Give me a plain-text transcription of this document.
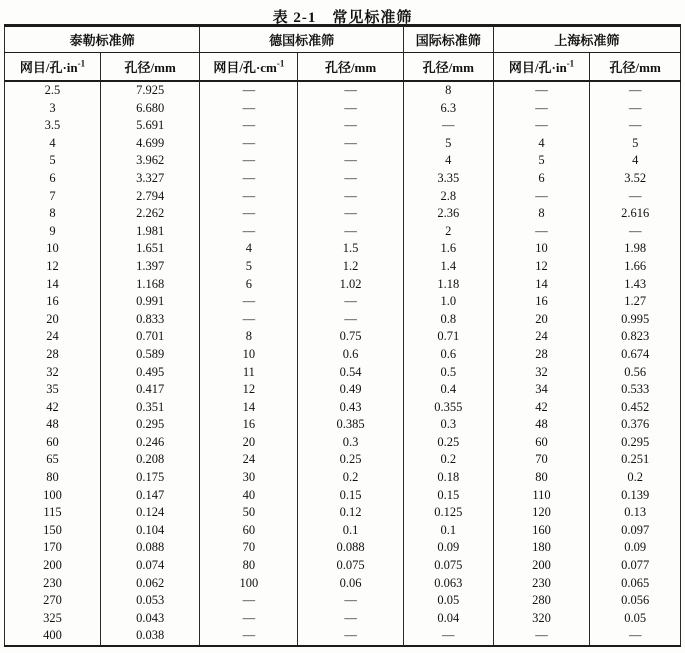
表 2-1　常见标准筛
泰勒标准筛		德国标准筛		国际标准筛	上海标准筛	
网目/孔$\cdot in^{-1}$	孔径/mm	网目/孔$\cdot cm^{-1}$	孔径/mm	孔径/mm	网目/孔$\cdot in^{-1}$	孔径/mm
2.5	7.925	—	—	8	—	—
3	6.680	—	—	6.3	—	—
3.5	5.691	—	—	—	—	—
4	4.699	—	—	5	4	5
5	3.962	—	—	4	5	4
6	3.327	—	—	3.35	6	3.52
7	2.794	—	—	2.8	—	—
8	2.262	—	—	2.36	8	2.616
9	1.981	—	—	2	—	—
10	1.651	4	1.5	1.6	10	1.98
12	1.397	5	1.2	1.4	12	1.66
14	1.168	6	1.02	1.18	14	1.43
16	0.991	—	—	1.0	16	1.27
20	0.833	—	—	0.8	20	0.995
24	0.701	8	0.75	0.71	24	0.823
28	0.589	10	0.6	0.6	28	0.674
32	0.495	11	0.54	0.5	32	0.56
35	0.417	12	0.49	0.4	34	0.533
42	0.351	14	0.43	0.355	42	0.452
48	0.295	16	0.385	0.3	48	0.376
60	0.246	20	0.3	0.25	60	0.295
65	0.208	24	0.25	0.2	70	0.251
80	0.175	30	0.2	0.18	80	0.2
100	0.147	40	0.15	0.15	110	0.139
115	0.124	50	0.12	0.125	120	0.13
150	0.104	60	0.1	0.1	160	0.097
170	0.088	70	0.088	0.09	180	0.09
200	0.074	80	0.075	0.075	200	0.077
230	0.062	100	0.06	0.063	230	0.065
270	0.053	—	—	0.05	280	0.056
325	0.043	—	—	0.04	320	0.05
400	0.038	—	—	—	—	—
